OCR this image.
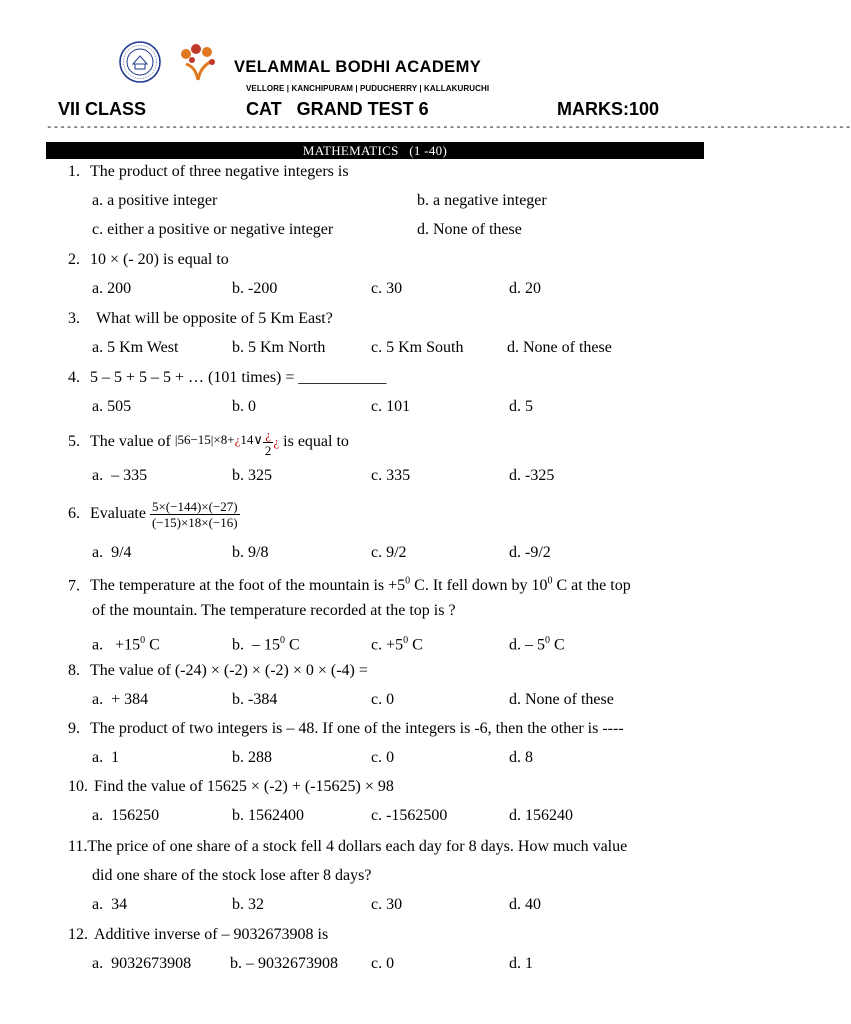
VELAMMAL BODHI ACADEMY
VELLORE | KANCHIPURAM | PUDUCHERRY | KALLAKURUCHI
VII CLASS	CAT   GRAND TEST 6	MARKS:100
--------------------------------------------------------------------------------------------------------------------------
MATHEMATICS   (1 -40)
1. The product of three negative integers is
a. a positive integer	b. a negative integer
c. either a positive or negative integer	d. None of these
2. 10 × (- 20) is equal to
a. 200	b. -200	c. 30	d. 20
3. What will be opposite of 5 Km East?
a. 5 Km West	b. 5 Km North	c. 5 Km South	d. None of these
4. 5 – 5 + 5 – 5 + … (101 times) = ___________
a. 505	b. 0	c. 101	d. 5
5. The value of |56−15|×8+¿14∨ $\frac{¿}{2}$ ¿ is equal to
a.  – 335	b. 325	c. 335	d. -325
6. Evaluate $\frac{5\times(-144)\times(-27)}{(-15)\times 18\times(-16)}$
a.  9/4	b. 9/8	c. 9/2	d. -9/2
7. The temperature at the foot of the mountain is $+5^0$ C. It fell down by $10^0$ C at the top
of the mountain. The temperature recorded at the top is ?
a.   $+15^0$ C	b.  – $15^0$ C	c. $+5^0$ C	d. – $5^0$ C
8. The value of (-24) × (-2) × (-2) × 0 × (-4) =
a.  + 384	b. -384	c. 0	d. None of these
9. The product of two integers is – 48. If one of the integers is -6, then the other is ----
a.  1	b. 288	c. 0	d. 8
10. Find the value of 15625 × (-2) + (-15625) × 98
a.  156250	b. 1562400	c. -1562500	d. 156240
11.The price of one share of a stock fell 4 dollars each day for 8 days. How much value
did one share of the stock lose after 8 days?
a.  34	b. 32	c. 30	d. 40
12. Additive inverse of – 9032673908 is
a.  9032673908 b. – 9032673908 c. 0	d. 1
